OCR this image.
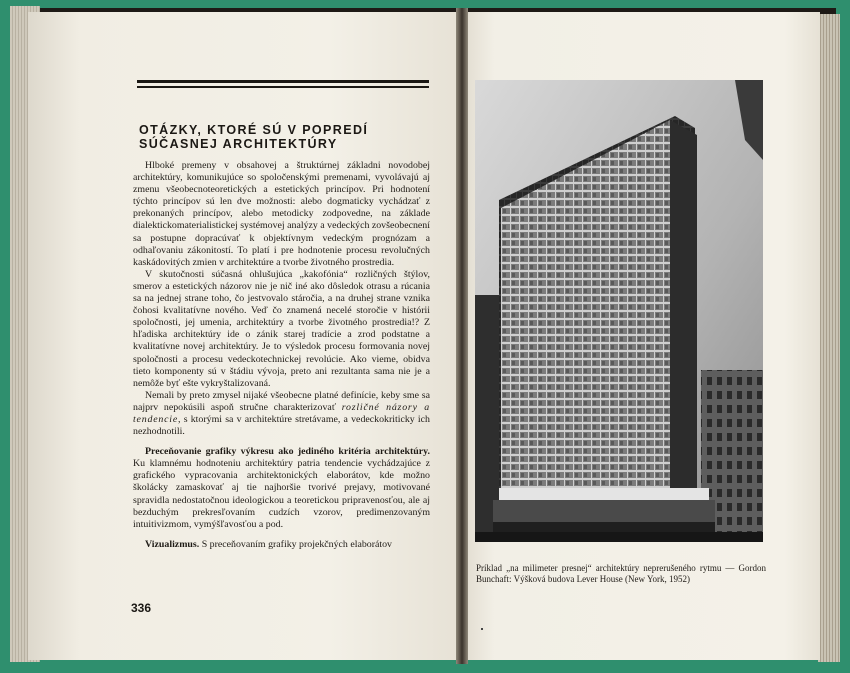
OTÁZKY, KTORÉ SÚ V POPREDÍ
SÚČASNEJ ARCHITEKTÚRY

Hlboké premeny v obsahovej a štruktúrnej základni novodobej architektúry, komunikujúce so spoločenskými premenami, vyvolávajú aj zmenu všeobecnoteoretických a estetických princípov. Pri hodnotení týchto princípov sú len dve možnosti: alebo dogmaticky vychádzať z prekonaných princípov, alebo metodicky zodpovedne, na základe dialektickomaterialistickej systémovej analýzy a vedeckých zovšeobecnení sa postupne dopracúvať k objektívnym vedeckým prognózam a odhaľovaniu zákonitostí. To platí i pre hodnotenie procesu revolučných kaskádovitých zmien v architektúre a tvorbe životného prostredia.

V skutočnosti súčasná ohlušujúca „kakofónia“ rozličných štýlov, smerov a estetických názorov nie je nič iné ako dôsledok otrasu a rúcania sa na jednej strane toho, čo jestvovalo stáročia, a na druhej strane vznika čohosi kvalitatívne nového. Veď čo znamená necelé storočie v histórii spoločnosti, jej umenia, architektúry a tvorbe životného prostredia!? Z hľadiska architektúry ide o zánik starej tradície a zrod podstatne a kvalitatívne novej architektúry. Je to výsledok procesu formovania novej spoločnosti a procesu vedeckotechnickej revolúcie. Ako vieme, obidva tieto komponenty sú v štádiu vývoja, preto ani rezultanta sama nie je a nemôže byť ešte vykryštalizovaná.

Nemali by preto zmysel nijaké všeobecne platné definície, keby sme sa najprv nepokúsili aspoň stručne charakterizovať rozličné názory a tendencie, s ktorými sa v architektúre stretávame, a vedeckokriticky ich nezhodnotili.

Preceňovanie grafiky výkresu ako jediného kritéria architektúry. Ku klamnému hodnoteniu architektúry patria tendencie vychádzajúce z grafického vypracovania architektonických elaborátov, kde možno školácky zamaskovať aj tie najhoršie tvorivé prejavy, motivované spravidla nedostatočnou ideologickou a teoretickou pripravenosťou, ale aj bezduchým prekresľovaním cudzích vzorov, predimenzovaným intuitivizmom, vymýšľavosťou a pod.

Vizualizmus. S preceňovaním grafiky projekčných elaborátov

336

Príklad „na milimeter presnej“ architektúry neprerušeného rytmu — Gordon Bunchaft: Výšková budova Lever House (New York, 1952)
